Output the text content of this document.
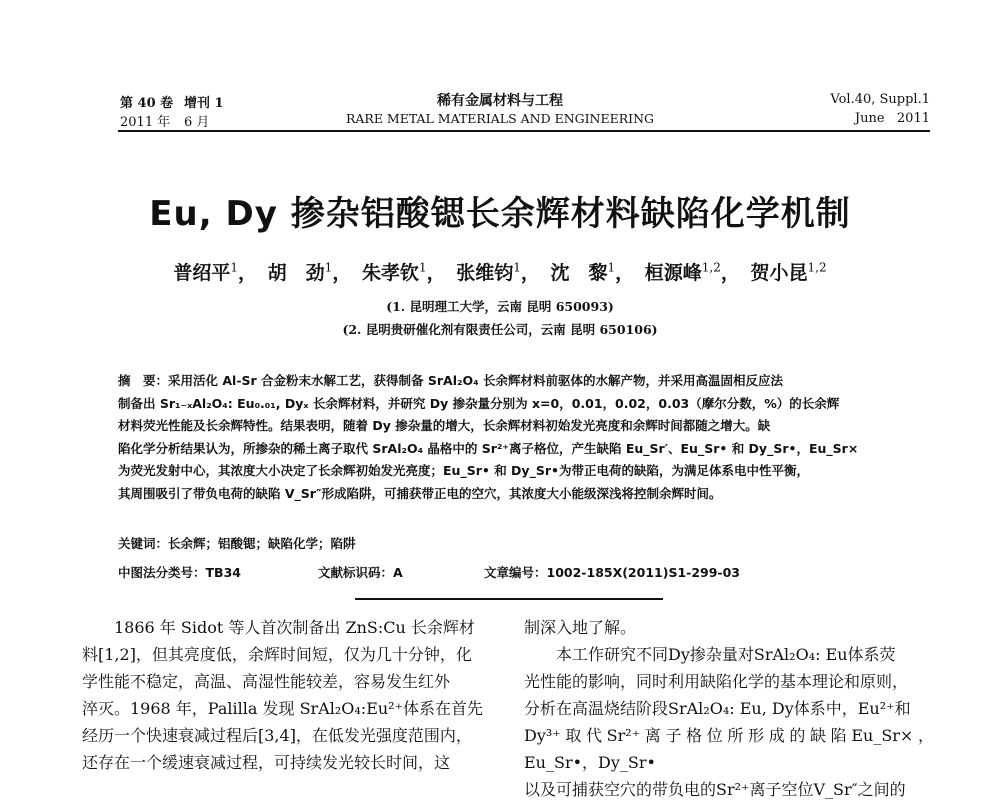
第 40 卷 增刊 1
2011 年 6 月
稀有金属材料与工程
RARE METAL MATERIALS AND ENGINEERING
Vol.40, Suppl.1
June   2011
Eu, Dy 掺杂铝酸锶长余辉材料缺陷化学机制
普绍平$^1$， 胡　劲$^1$， 朱孝钦$^1$， 张维钧$^1$， 沈　黎$^1$， 桓源峰$^{1,2}$， 贺小昆$^{1,2}$
(1. 昆明理工大学，云南 昆明 650093)
(2. 昆明贵研催化剂有限责任公司，云南 昆明 650106)
摘　要：采用活化 Al-Sr 合金粉末水解工艺，获得制备 SrAl₂O₄ 长余辉材料前驱体的水解产物，并采用高温固相反应法
制备出 Sr₁₋ₓAl₂O₄: Eu₀.₀₁, Dyₓ 长余辉材料，并研究 Dy 掺杂量分别为 x=0，0.01，0.02，0.03（摩尔分数，%）的长余辉
材料荧光性能及长余辉特性。结果表明，随着 Dy 掺杂量的增大，长余辉材料初始发光亮度和余辉时间都随之增大。缺
陷化学分析结果认为，所掺杂的稀土离子取代 SrAl₂O₄ 晶格中的 Sr²⁺离子格位，产生缺陷 Eu_Sr′、Eu_Sr• 和 Dy_Sr•，Eu_Sr×
为荧光发射中心，其浓度大小决定了长余辉初始发光亮度；Eu_Sr• 和 Dy_Sr•为带正电荷的缺陷，为满足体系电中性平衡，
其周围吸引了带负电荷的缺陷 V_Sr″形成陷阱，可捕获带正电的空穴，其浓度大小能级深浅将控制余辉时间。
关键词：长余辉；铝酸锶；缺陷化学；陷阱
中图法分类号：TB34	文献标识码：A	文章编号：1002-185X(2011)S1-299-03

1866 年 Sidot 等人首次制备出 ZnS:Cu 长余辉材

料[1,2]，但其亮度低，余辉时间短，仅为几十分钟，化

学性能不稳定，高温、高湿性能较差，容易发生红外

淬灭。1968 年，Palilla 发现 SrAl₂O₄:Eu²⁺体系在首先

经历一个快速衰减过程后[3,4]，在低发光强度范围内，

还存在一个缓速衰减过程，可持续发光较长时间，这

制深入地了解。

本工作研究不同Dy掺杂量对SrAl₂O₄: Eu体系荧

光性能的影响，同时利用缺陷化学的基本理论和原则，

分析在高温烧结阶段SrAl₂O₄: Eu, Dy体系中，Eu²⁺和

Dy³⁺取代Sr²⁺离子格位所形成的缺陷Eu_Sr×，Eu_Sr•，Dy_Sr•

以及可捕获空穴的带负电的Sr²⁺离子空位V_Sr″之间的
